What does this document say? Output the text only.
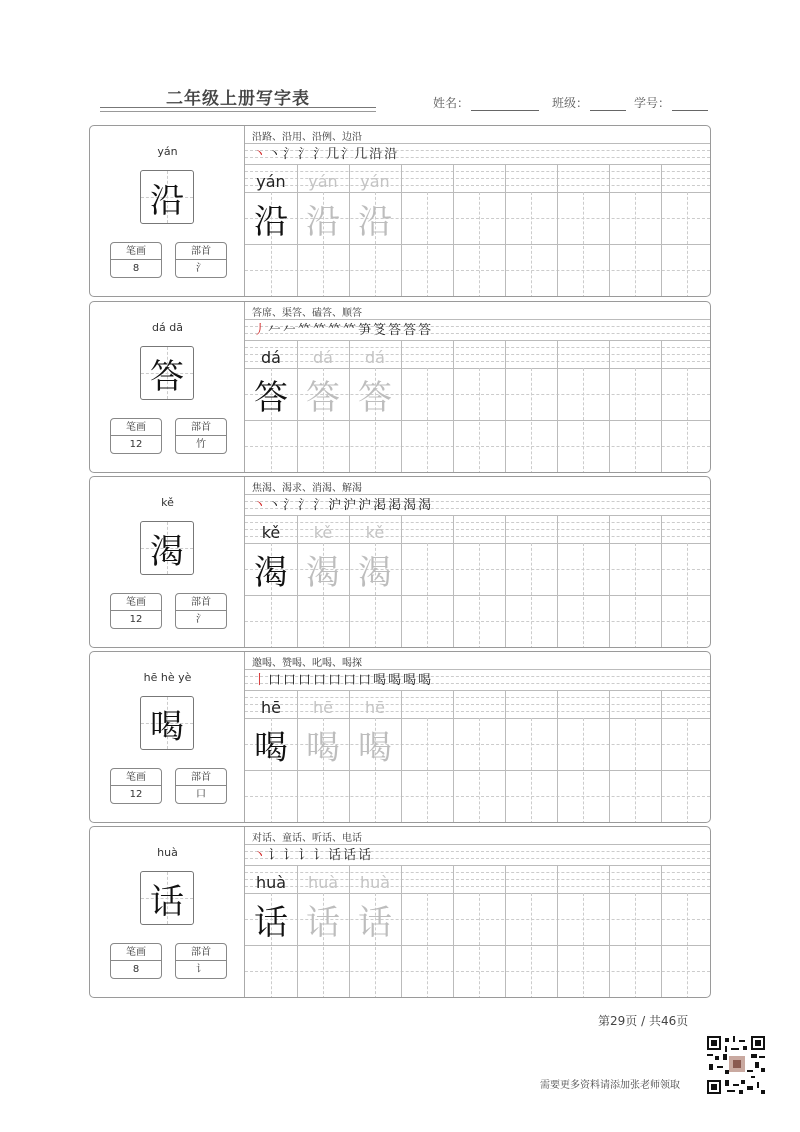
二年级上册写字表	姓名：	班级：	学号：
yán
沿
笔画
8
部首
氵
沿路、沿用、沿例、边沿
丶 丶 氵 氵 氵几 氵几 沿 沿
yán	yán	yán
沿 沿 沿
dá dā
答
笔画
12
部首
竹
答席、渠答、磕答、顺答
丿 𠂉 𠂉 𥫗 𥫗 𥫗 𥫗 笋 笅 答 答 答
dá	dá	dá
答 答 答
kě
渴
笔画
12
部首
氵
焦渴、渴求、消渴、解渴
丶 丶 氵 氵 氵 沪 沪 沪 渇 渇 渴 渴
kě	kě	kě
渴 渴 渴
hē hè yè
喝
笔画
12
部首
口
邀喝、赞喝、叱喝、喝探
丨 口 口 口 口 口 口 口 喝 喝 喝 喝
hē	hē	hē
喝 喝 喝
huà
话
笔画
8
部首
讠
对话、童话、听话、电话
丶 讠 讠 讠 讠 话 话 话
huà	huà	huà
话 话 话
第29页 / 共46页
需要更多资料请添加张老师领取
